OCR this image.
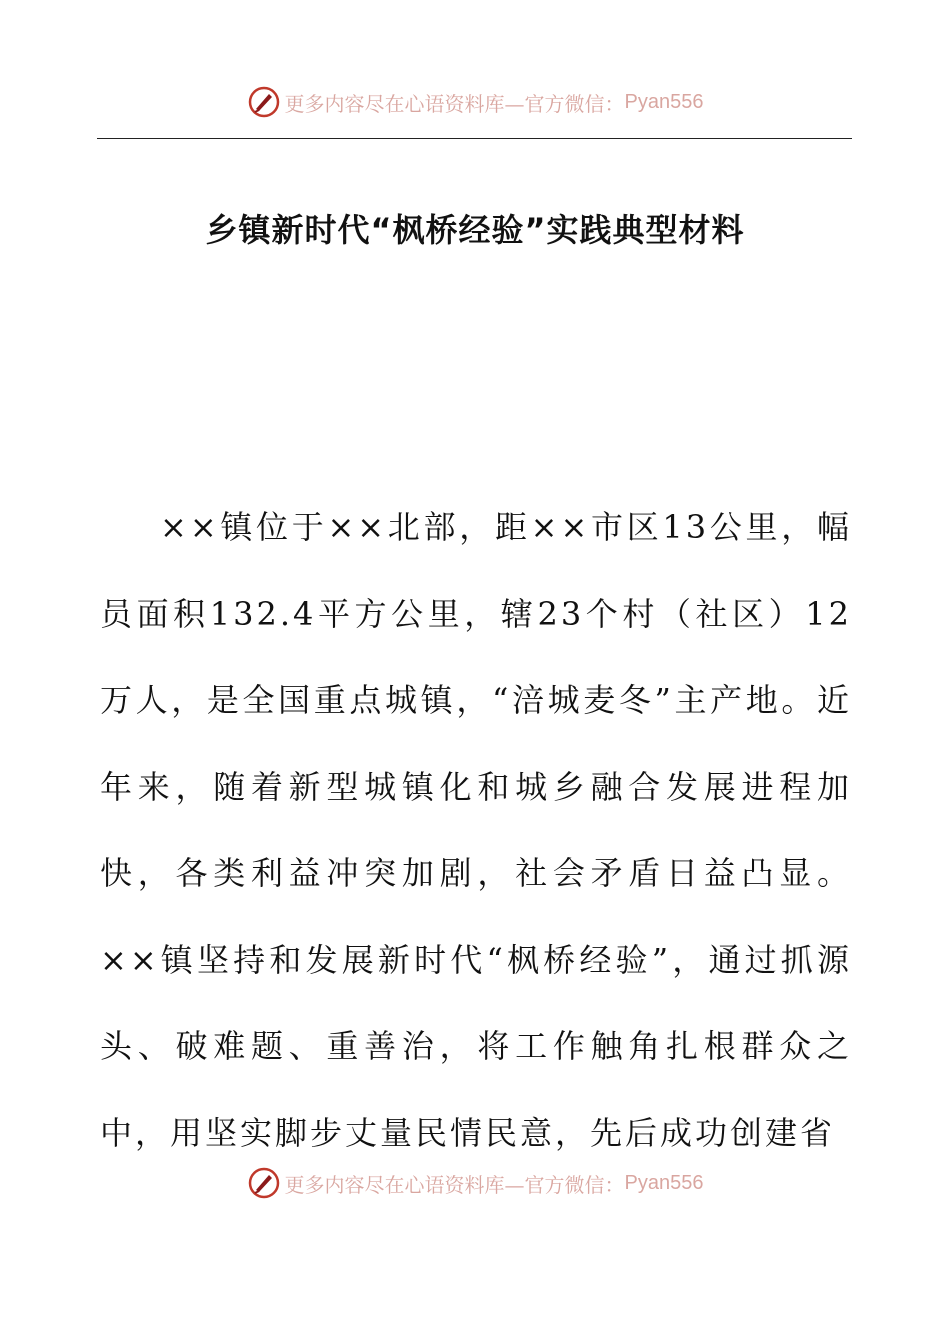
更多内容尽在心语资料库—官方微信： Pyan556
乡镇新时代“枫桥经验”实践典型材料

××镇位于××北部，距××市区13公里，幅员面积132.4平方公里，辖23个村（社区）12万人，是全国重点城镇，“涪城麦冬”主产地。近年来，随着新型城镇化和城乡融合发展进程加快，各类利益冲突加剧，社会矛盾日益凸显。××镇坚持和发展新时代“枫桥经验”，通过抓源头、破难题、重善治，将工作触角扎根群众之中，用坚实脚步丈量民情民意，先后成功创建省

更多内容尽在心语资料库—官方微信： Pyan556
